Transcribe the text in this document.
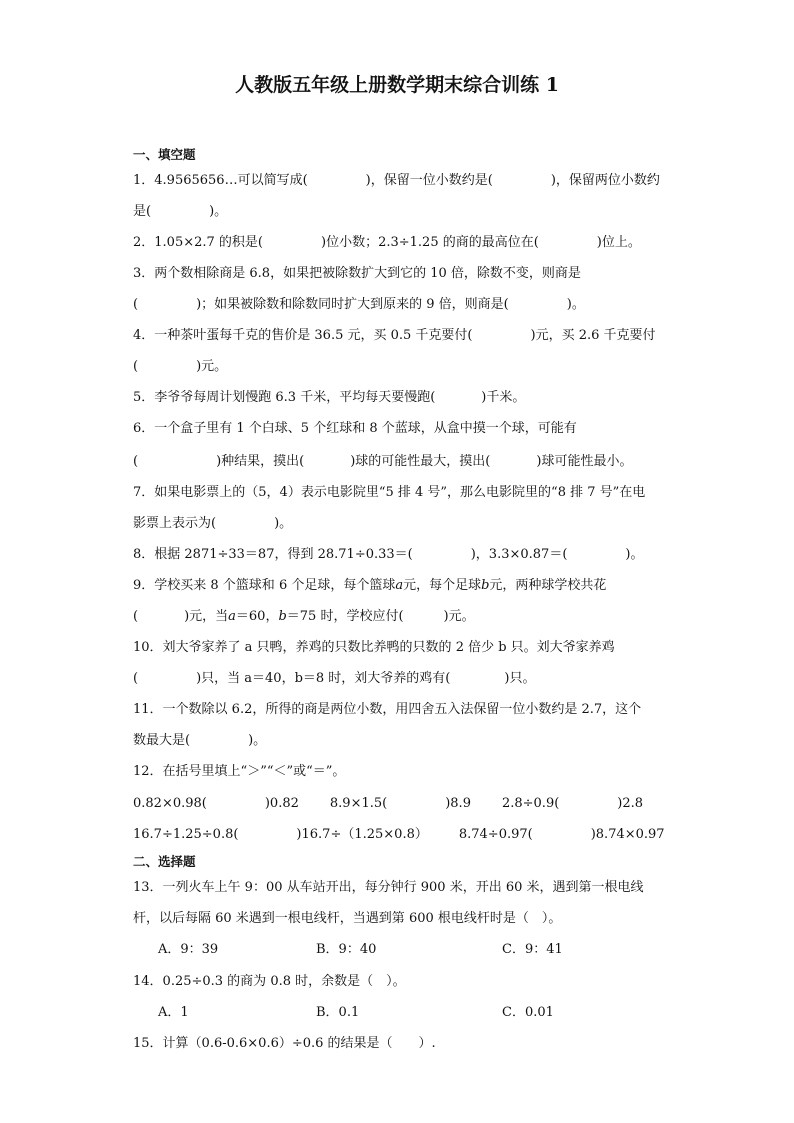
人教版五年级上册数学期末综合训练 1
一、填空题
1．4.9565656…可以简写成(	)，保留一位小数约是(	)，保留两位小数约
是(	)。
2．1.05×2.7 的积是(	)位小数；2.3÷1.25 的商的最高位在(	)位上。
3．两个数相除商是 6.8，如果把被除数扩大到它的 10 倍，除数不变，则商是
(	)；如果被除数和除数同时扩大到原来的 9 倍，则商是(	)。
4．一种茶叶蛋每千克的售价是 36.5 元，买 0.5 千克要付(	)元，买 2.6 千克要付
(	)元。
5．李爷爷每周计划慢跑 6.3 千米，平均每天要慢跑(	)千米。
6．一个盒子里有 1 个白球、5 个红球和 8 个蓝球，从盒中摸一个球，可能有
(	)种结果，摸出(	)球的可能性最大，摸出(	)球可能性最小。
7．如果电影票上的（5，4）表示电影院里“5 排 4 号”，那么电影院里的“8 排 7 号”在电
影票上表示为(	)。
8．根据 2871÷33＝87，得到 28.71÷0.33＝(	)，3.3×0.87＝(	)。
9．学校买来 8 个篮球和 6 个足球，每个篮球𝑎元，每个足球𝑏元，两种球学校共花
(	)元，当𝑎＝60，𝑏＝75 时，学校应付(	)元。
10．刘大爷家养了 a 只鸭，养鸡的只数比养鸭的只数的 2 倍少 b 只。刘大爷家养鸡
(	)只，当 a＝40，b＝8 时，刘大爷养的鸡有(	)只。
11．一个数除以 6.2，所得的商是两位小数，用四舍五入法保留一位小数约是 2.7，这个
数最大是(	)。
12．在括号里填上“＞”“＜”或“＝”。
0.82×0.98(	)0.82 8.9×1.5(	)8.9 2.8÷0.9(	)2.8
16.7÷1.25÷0.8(	)16.7÷（1.25×0.8） 8.74÷0.97(	)8.74×0.97
二、选择题
13．一列火车上午 9：00 从车站开出，每分钟行 900 米，开出 60 米，遇到第一根电线
杆，以后每隔 60 米遇到一根电线杆，当遇到第 600 根电线杆时是（　）。
A．9：39	B．9：40	C．9：41
14．0.25÷0.3 的商为 0.8 时，余数是（　）。
A．1	B．0.1	C．0.01
15．计算（0.6-0.6×0.6）÷0.6 的结果是（　　）.
